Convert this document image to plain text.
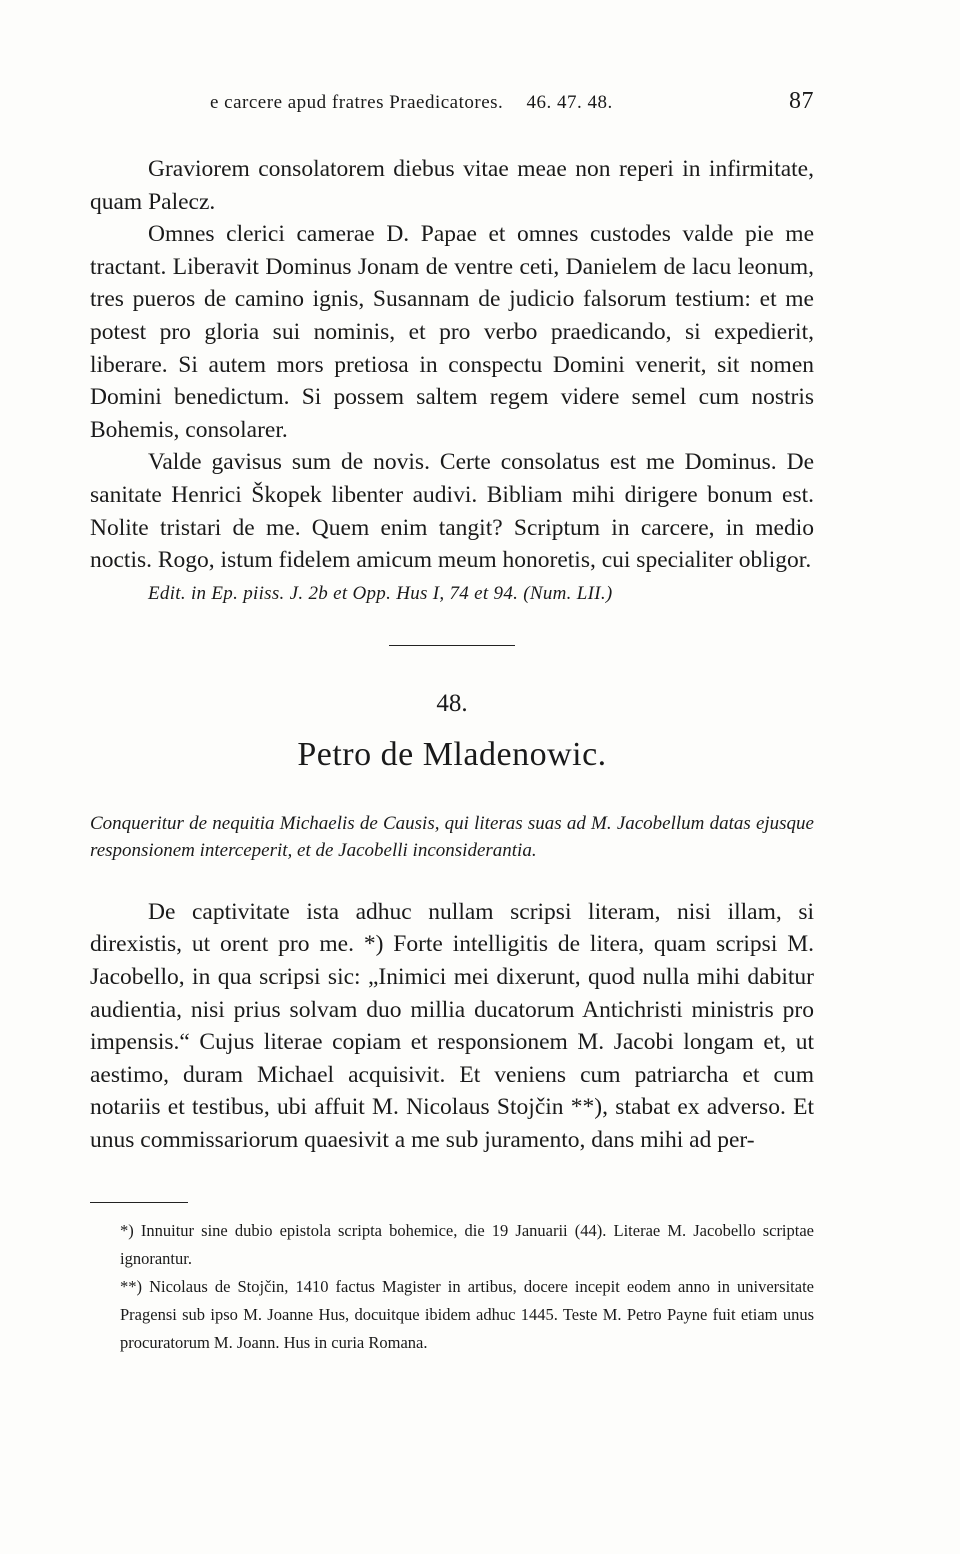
e carcere apud fratres Praedicatores. 46. 47. 48.	87

Graviorem consolatorem diebus vitae meae non reperi in infirmitate, quam Palecz.

Omnes clerici camerae D. Papae et omnes custodes valde pie me tractant. Liberavit Dominus Jonam de ventre ceti, Danielem de lacu leonum, tres pueros de camino ignis, Susannam de judicio falsorum testium: et me potest pro gloria sui nominis, et pro verbo praedicando, si expedierit, liberare. Si autem mors pretiosa in conspectu Domini venerit, sit nomen Domini benedictum. Si possem saltem regem videre semel cum nostris Bohemis, consolarer.

Valde gavisus sum de novis. Certe consolatus est me Dominus. De sanitate Henrici Škopek libenter audivi. Bibliam mihi dirigere bonum est. Nolite tristari de me. Quem enim tangit? Scriptum in carcere, in medio noctis. Rogo, istum fidelem amicum meum honoretis, cui specialiter obligor.

Edit. in Ep. piiss. J. 2b et Opp. Hus I, 74 et 94. (Num. LII.)

48.
Petro de Mladenowic.

Conqueritur de nequitia Michaelis de Causis, qui literas suas ad M. Jacobellum datas ejusque responsionem interceperit, et de Jacobelli inconsiderantia.

De captivitate ista adhuc nullam scripsi literam, nisi illam, si direxistis, ut orent pro me. *) Forte intelligitis de litera, quam scripsi M. Jacobello, in qua scripsi sic: „Inimici mei dixerunt, quod nulla mihi dabitur audientia, nisi prius solvam duo millia ducatorum Antichristi ministris pro impensis.“ Cujus literae copiam et responsionem M. Jacobi longam et, ut aestimo, duram Michael acquisivit. Et veniens cum patriarcha et cum notariis et testibus, ubi affuit M. Nicolaus Stojčin **), stabat ex adverso. Et unus commissariorum quaesivit a me sub juramento, dans mihi ad per-

*) Innuitur sine dubio epistola scripta bohemice, die 19 Januarii (44). Literae M. Jacobello scriptae ignorantur.

**) Nicolaus de Stojčin, 1410 factus Magister in artibus, docere incepit eodem anno in universitate Pragensi sub ipso M. Joanne Hus, docuitque ibidem adhuc 1445. Teste M. Petro Payne fuit etiam unus procuratorum M. Joann. Hus in curia Romana.
